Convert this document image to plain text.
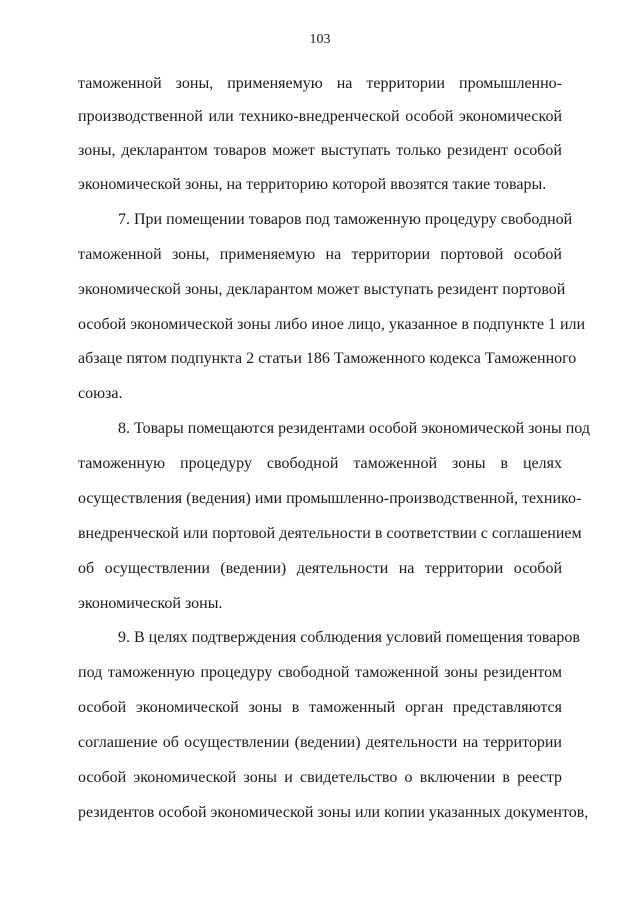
103
таможенной зоны, применяемую на территории промышленно-
производственной или технико-внедренческой особой экономической
зоны, декларантом товаров может выступать только резидент особой
экономической зоны, на территорию которой ввозятся такие товары.
7. При помещении товаров под таможенную процедуру свободной
таможенной зоны, применяемую на территории портовой особой
экономической зоны, декларантом может выступать резидент портовой
особой экономической зоны либо иное лицо, указанное в подпункте 1 или
абзаце пятом подпункта 2 статьи 186 Таможенного кодекса Таможенного
союза.
8. Товары помещаются резидентами особой экономической зоны под
таможенную процедуру свободной таможенной зоны в целях
осуществления (ведения) ими промышленно-производственной, технико-
внедренческой или портовой деятельности в соответствии с соглашением
об осуществлении (ведении) деятельности на территории особой
экономической зоны.
9. В целях подтверждения соблюдения условий помещения товаров
под таможенную процедуру свободной таможенной зоны резидентом
особой экономической зоны в таможенный орган представляются
соглашение об осуществлении (ведении) деятельности на территории
особой экономической зоны и свидетельство о включении в реестр
резидентов особой экономической зоны или копии указанных документов,
